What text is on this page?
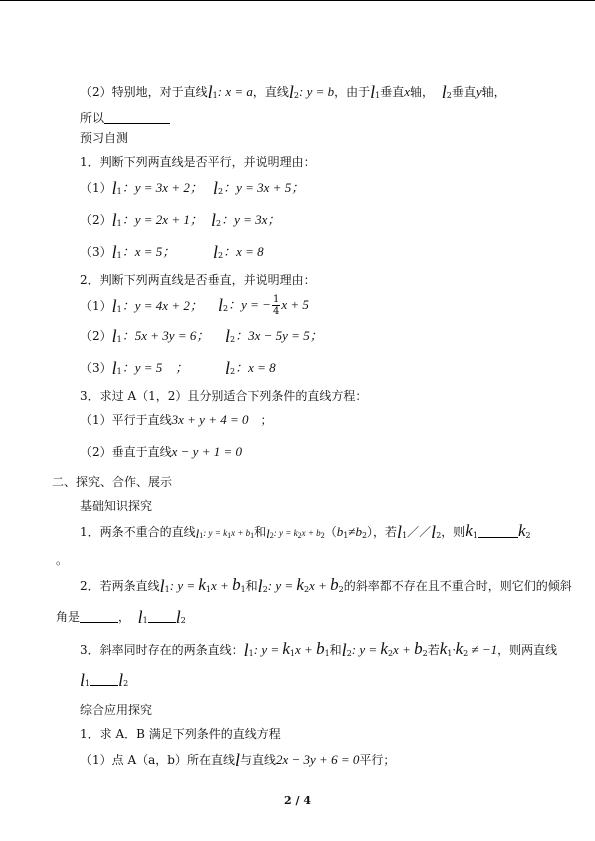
（2）特别地，对于直线$l_1$: x = a，直线$l_2$: y = b，由于$l_1$垂直x轴， $l_2$垂直y轴，
所以
预习自测
1．判断下列两直线是否平行，并说明理由：
$(1)l_1$：y = 3x + 2； $l_2$：y = 3x + 5；
$(2)l_1$：y = 2x + 1； $l_2$：y = 3x；
$(3)l_1$：x = 5； $l_2$：x = 8
2．判断下列两直线是否垂直，并说明理由：
$(1)l_1$：y = 4x + 2； $l_2$：y = − $\frac{1}{4}$ x + 5
$(2)l_1$：5x + 3y = 6； $l_2$：3x − 5y = 5；
$(3)l_1$：y = 5　； $l_2$：x = 8
3．求过 A（1，2）且分别适合下列条件的直线方程：
（1）平行于直线3x + y + 4 = 0　；
（2）垂直于直线x − y + 1 = 0
二、探究、合作、展示
基础知识探究
1．两条不重合的直线$l_1$: $y = k_1x + b_1$和$l_2$: $y = k_2x + b_2(b_1\ne b_2)$，若$l_1//l_2$，则$k_1$ $k_2$
。
2．若两条直线$l_1$: $y = k_1x + b_1$和$l_2$: $y = k_2x + b_2$的斜率都不存在且不重合时，则它们的倾斜
角是	，  $l_1$ $l_2$
3．斜率同时存在的两条直线：$l_1$: $y = k_1x + b_1$和$l_2$: $y = k_2x + b_2$若$k_1\cdot k_2 \ne -1$，则两直线
$l_1$ $l_2$
综合应用探究
1．求 A．B 满足下列条件的直线方程
（1）点 A（a，b）所在直线l与直线2x − 3y + 6 = 0平行；
2 / 4
